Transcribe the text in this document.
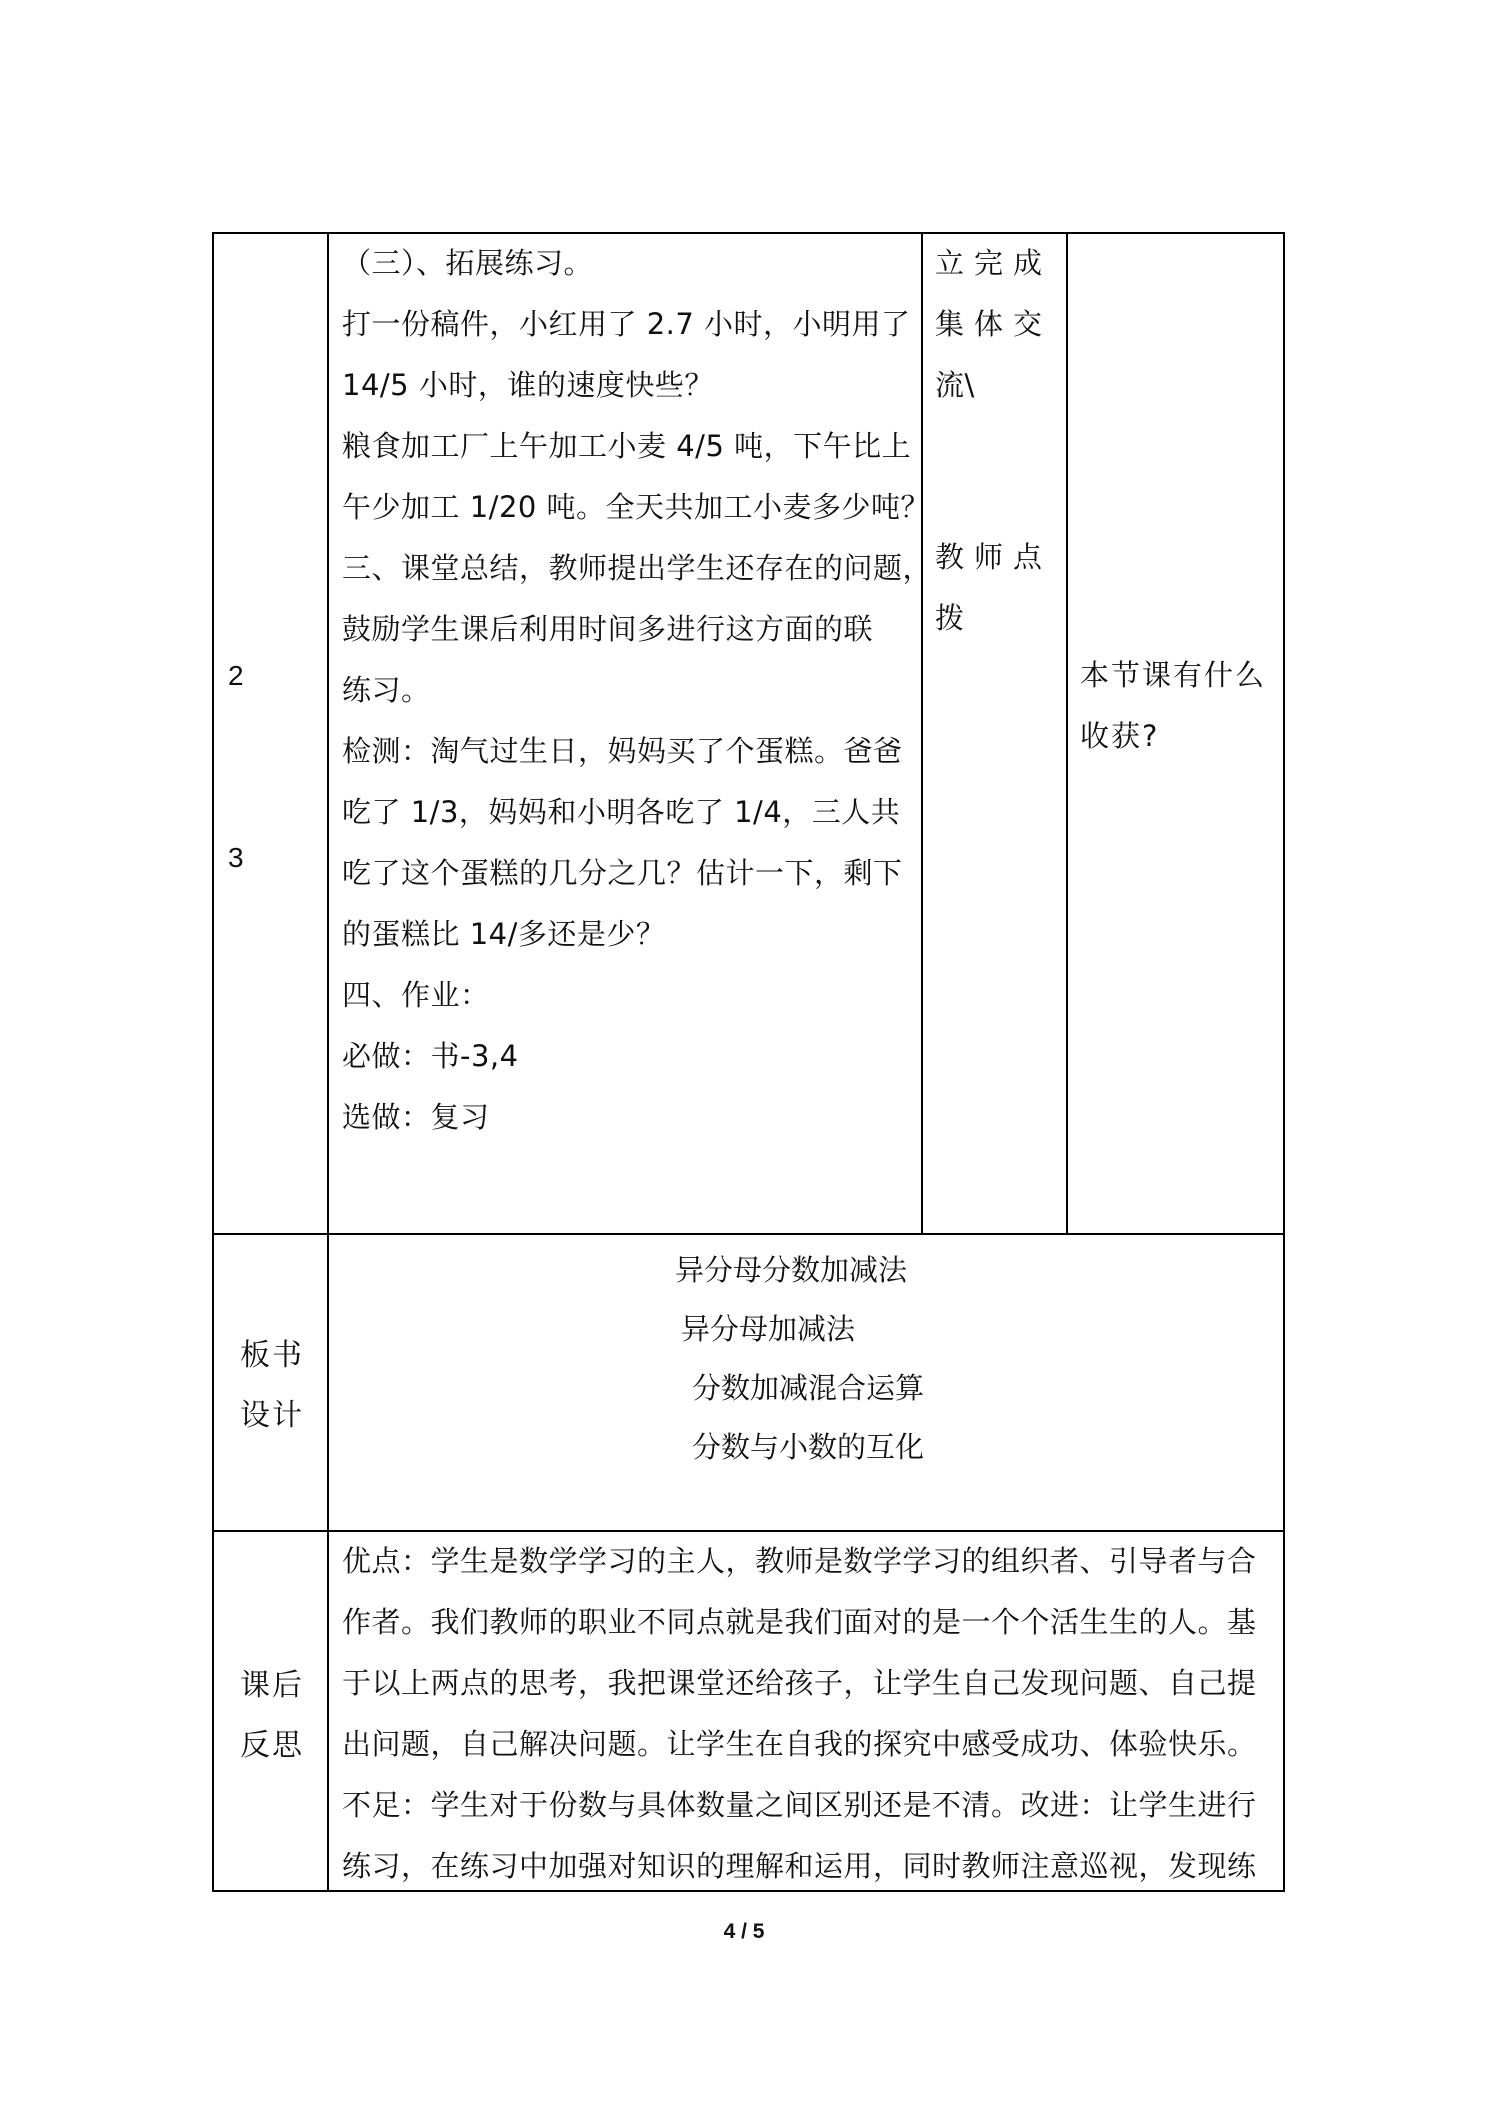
2
3
（三）、拓展练习。
打一份稿件，小红用了 2.7 小时，小明用了
14/5 小时，谁的速度快些？
粮食加工厂上午加工小麦 4/5 吨，下午比上
午少加工 1/20 吨。全天共加工小麦多少吨？
三、课堂总结，教师提出学生还存在的问题，
鼓励学生课后利用时间多进行这方面的联
练习。
检测：淘气过生日，妈妈买了个蛋糕。爸爸
吃了 1/3，妈妈和小明各吃了 1/4，三人共
吃了这个蛋糕的几分之几？估计一下，剩下
的蛋糕比 14/多还是少？
四、作业：
必做：书-3,4
选做：复习
立完成
集体交
流\
教师点
拨
本节课有什么
收获?
板书
设计
异分母分数加减法
异分母加减法
分数加减混合运算
分数与小数的互化
课后
反思
优点：学生是数学学习的主人，教师是数学学习的组织者、引导者与合
作者。我们教师的职业不同点就是我们面对的是一个个活生生的人。基
于以上两点的思考，我把课堂还给孩子，让学生自己发现问题、自己提
出问题，自己解决问题。让学生在自我的探究中感受成功、体验快乐。
不足：学生对于份数与具体数量之间区别还是不清。改进：让学生进行
练习，在练习中加强对知识的理解和运用，同时教师注意巡视，发现练
4 / 5
